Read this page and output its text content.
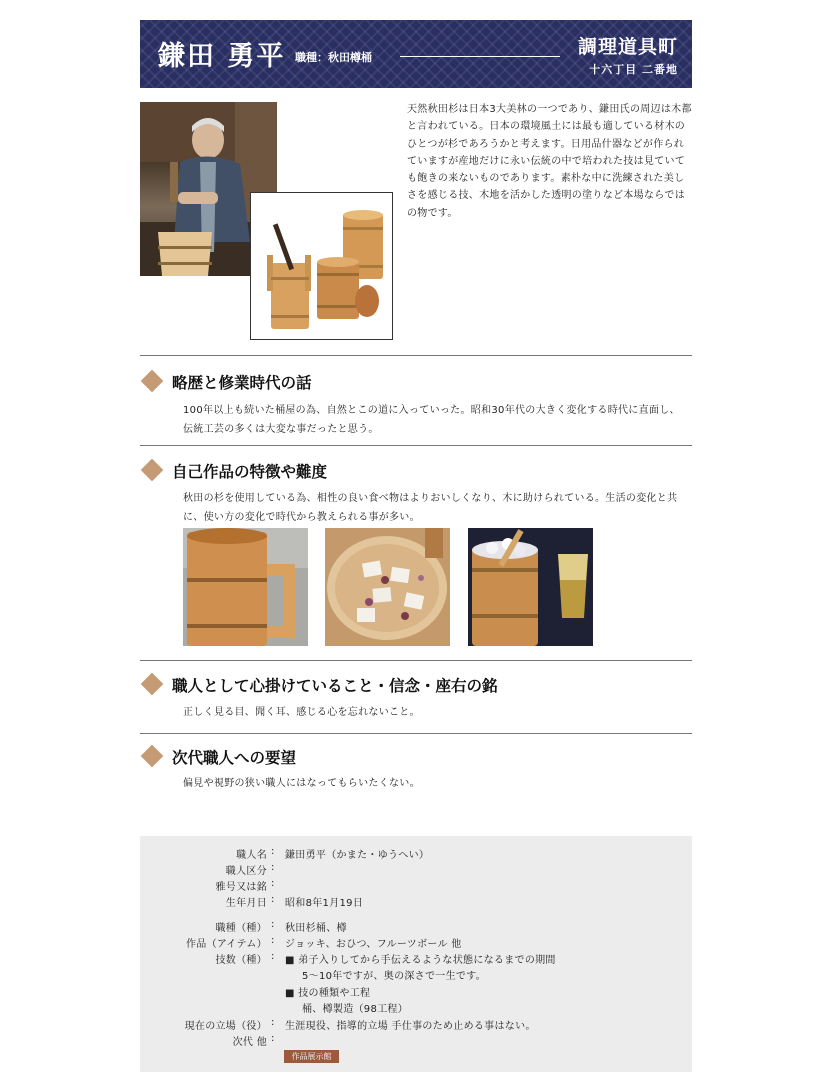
鎌田 勇平 職種：秋田樽桶	調理道具町
十六丁目 二番地
天然秋田杉は日本3大美林の一つであり、鎌田氏の周辺は木都と言われている。日本の環境風土には最も適している材木のひとつが杉であろうかと考えます。日用品什器などが作られていますが産地だけに永い伝統の中で培われた技は見ていても飽きの来ないものであります。素朴な中に洗練された美しさを感じる技、木地を活かした透明の塗りなど本場ならではの物です。
略歴と修業時代の話
100年以上も続いた桶屋の為、自然とこの道に入っていった。昭和30年代の大きく変化する時代に直面し、伝統工芸の多くは大変な事だったと思う。
自己作品の特徴や難度
秋田の杉を使用している為、相性の良い食べ物はよりおいしくなり、木に助けられている。生活の変化と共に、使い方の変化で時代から教えられる事が多い。
職人として心掛けていること・信念・座右の銘
正しく見る目、聞く耳、感じる心を忘れないこと。
次代職人への要望
偏見や視野の狭い職人にはなってもらいたくない。
職人名 : 鎌田勇平（かまた・ゆうへい）
職人区分 :
雅号又は銘 :
生年月日 : 昭和8年1月19日
職種（種） : 秋田杉桶、樽
作品（アイテム） : ジョッキ、おひつ、フルーツボール 他
技数（種） : ■ 弟子入りしてから手伝えるような状態になるまでの期間
5～10年ですが、奥の深さで一生です。
■ 技の種類や工程
桶、樽製造（98工程）
現在の立場（役） : 生涯現役、指導的立場 手仕事のため止める事はない。
次代 他 :
作品展示館
